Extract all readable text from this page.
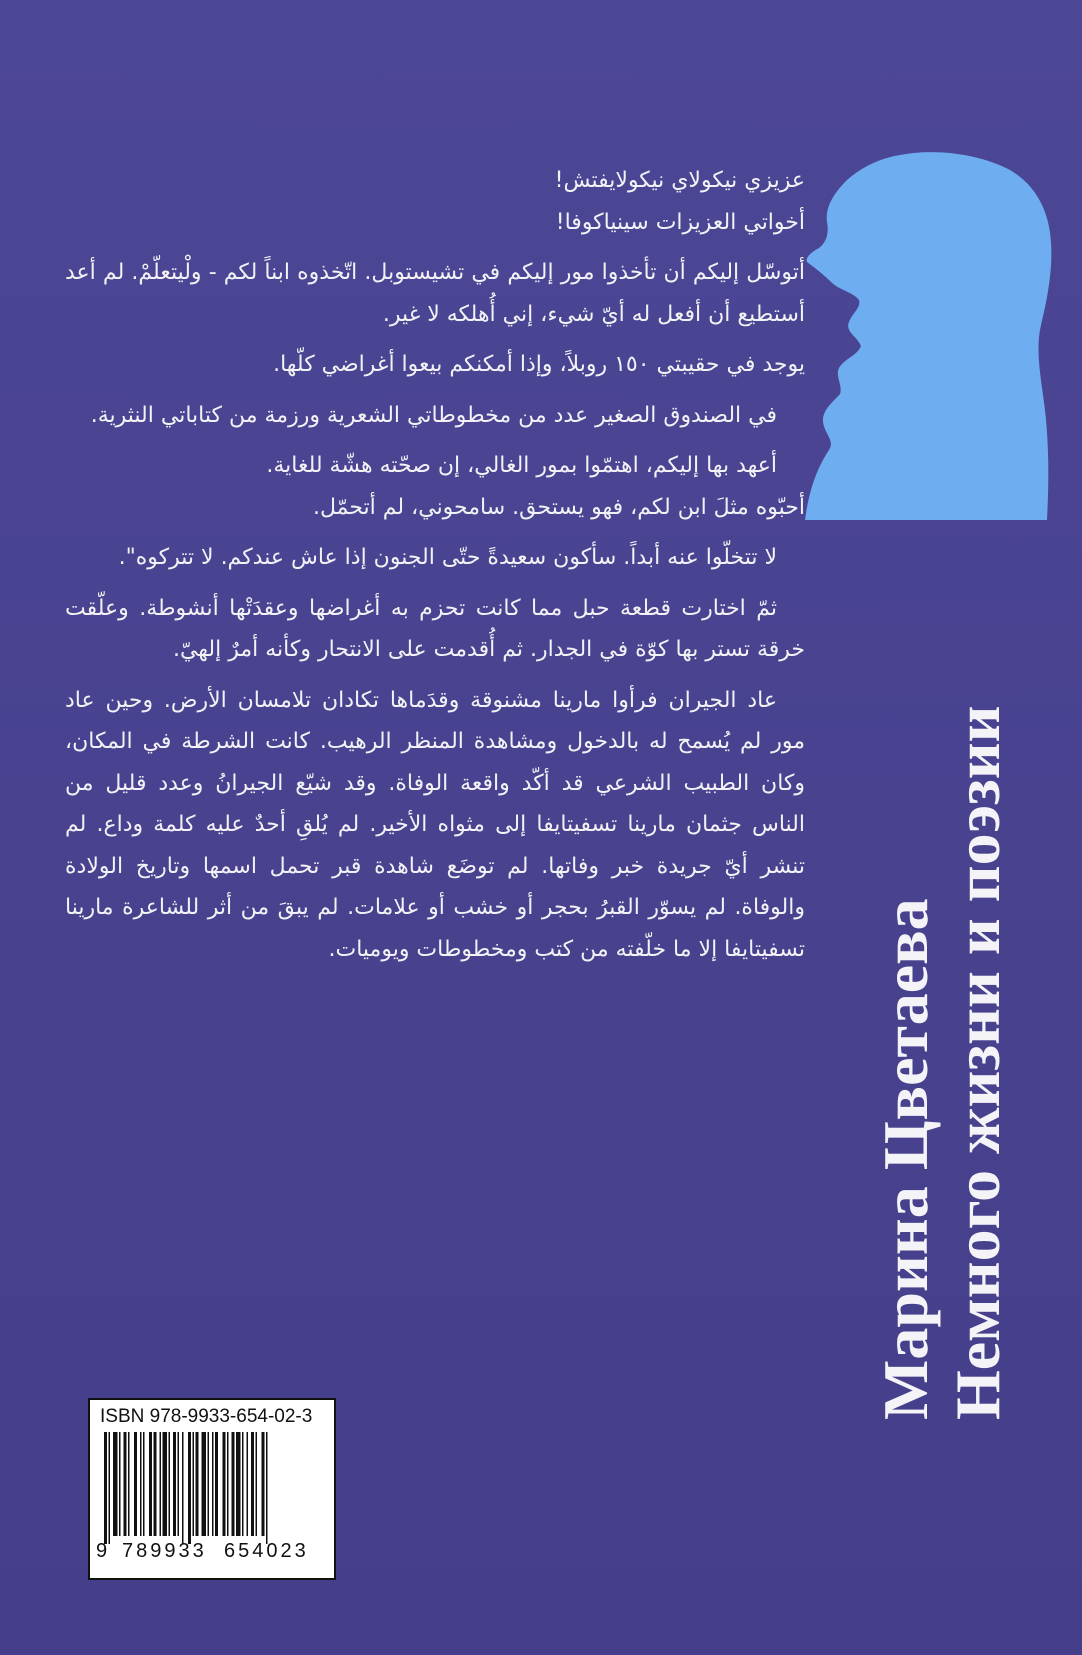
عزيزي نيكولاي نيكولايفتش!

أخواتي العزيزات سينياكوفا!

أتوسّل إليكم أن تأخذوا مور إليكم في تشيستوبل. اتّخذوه ابناً لكم - ولْيتعلّمْ. لم أعد أستطيع أن أفعل له أيّ شيء، إني أُهلكه لا غير.

يوجد في حقيبتي ١٥٠ روبلاً، وإذا أمكنكم بيعوا أغراضي كلّها.

في الصندوق الصغير عدد من مخطوطاتي الشعرية ورزمة من كتاباتي النثرية.

أعهد بها إليكم، اهتمّوا بمور الغالي، إن صحّته هشّة للغاية.

أحبّوه مثلَ ابن لكم، فهو يستحق. سامحوني، لم أتحمّل.

لا تتخلّوا عنه أبداً. سأكون سعيدةً حتّى الجنون إذا عاش عندكم. لا تتركوه".

ثمّ اختارت قطعة حبل مما كانت تحزم به أغراضها وعقدَتْها أنشوطة. وعلّقت خرقة تستر بها كوّة في الجدار. ثم أُقدمت على الانتحار وكأنه أمرٌ إلهيّ.

عاد الجيران فرأوا مارينا مشنوقة وقدَماها تكادان تلامسان الأرض. وحين عاد مور لم يُسمح له بالدخول ومشاهدة المنظر الرهيب. كانت الشرطة في المكان، وكان الطبيب الشرعي قد أكّد واقعة الوفاة. وقد شيّع الجيرانُ وعدد قليل من الناس جثمان مارينا تسفيتايفا إلى مثواه الأخير. لم يُلقِ أحدٌ عليه كلمة وداع. لم تنشر أيّ جريدة خبر وفاتها. لم توضَع شاهدة قبر تحمل اسمها وتاريخ الولادة والوفاة. لم يسوّر القبرُ بحجر أو خشب أو علامات. لم يبقَ من أثر للشاعرة مارينا تسفيتايفا إلا ما خلّفته من كتب ومخطوطات ويوميات. Марина Цветаева Немного жизни и поэзии
ISBN 978-9933-654-02-3
9 789933 654023
